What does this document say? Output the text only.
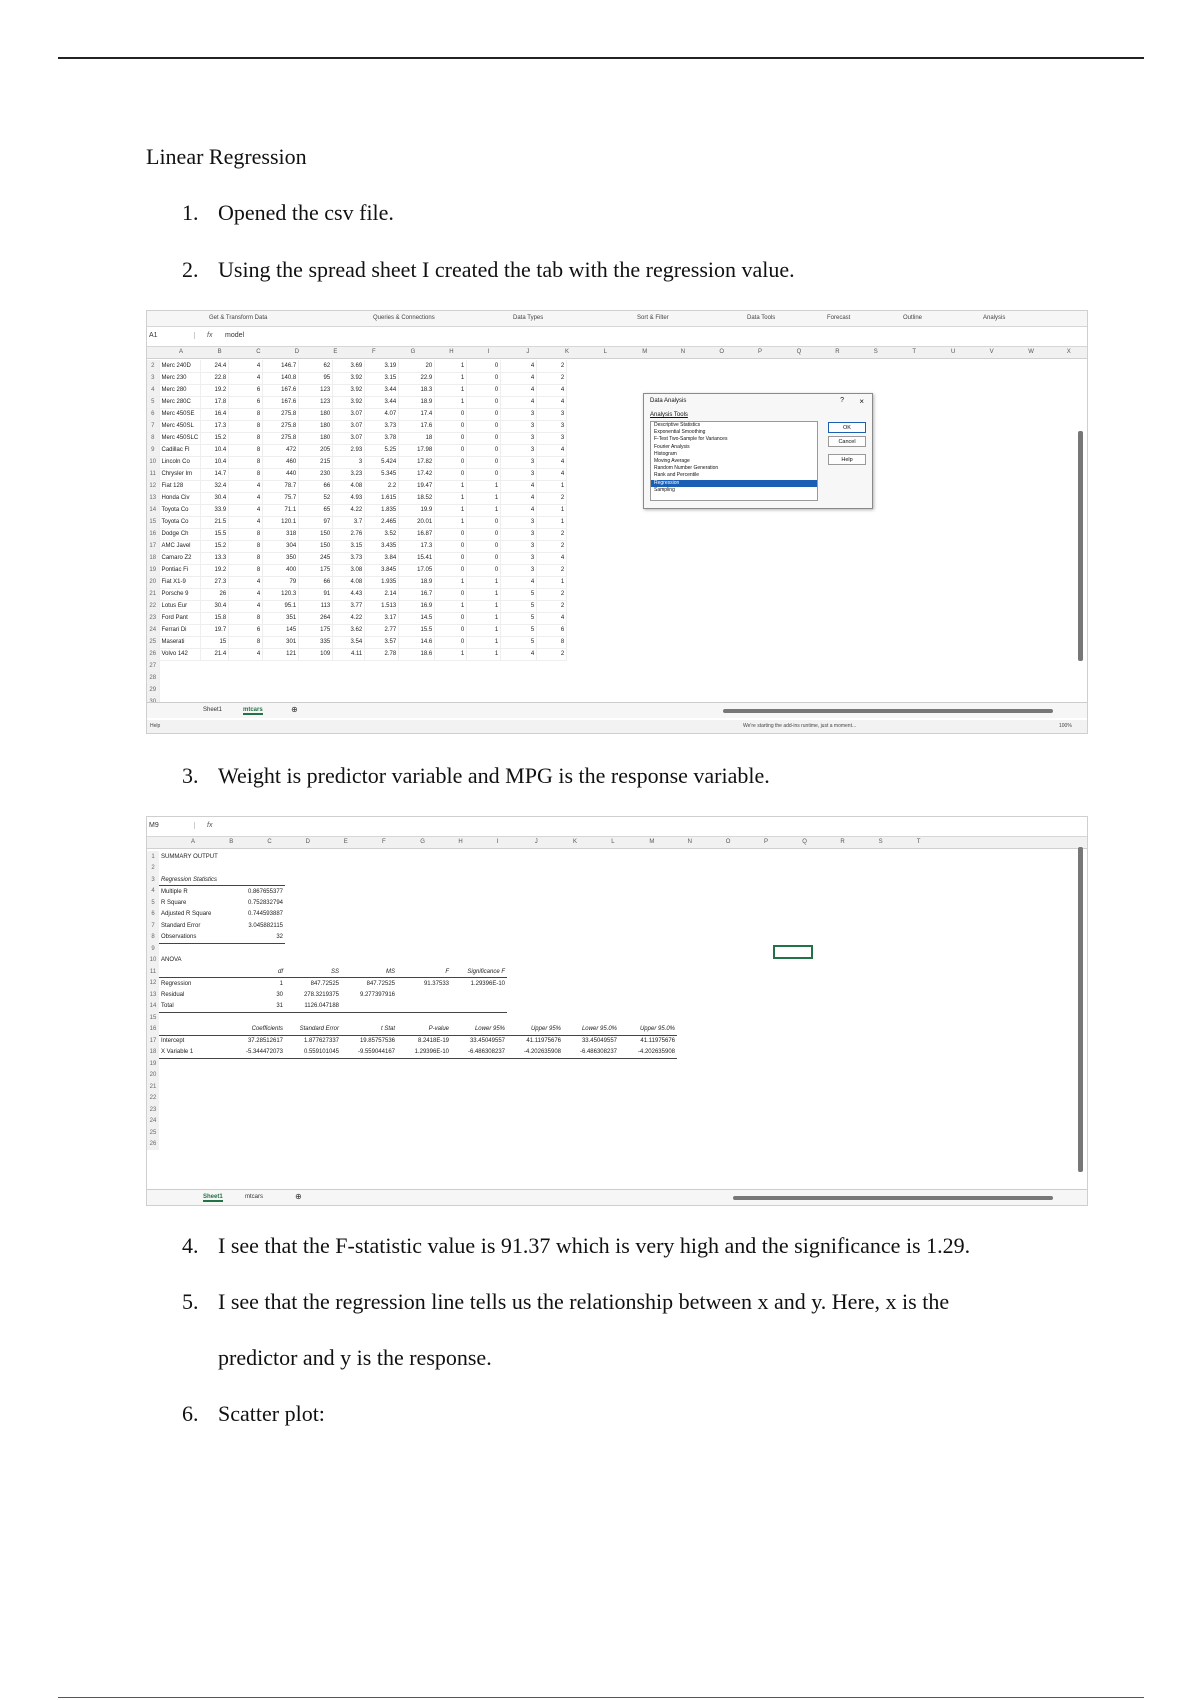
Linear Regression
1. Opened the csv file.
2. Using the spread sheet I created the tab with the regression value.
Get & Transform Data	Queries & Connections	Data Types	Sort & Filter	Data Tools	Forecast	Outline	Analysis
A1	fx model
A	B	C	D	E	F	G	H	I	J	K	L	M	N	O	P	Q	R	S	T	U	V	W	X
2	Merc 240D	24.4	4	146.7	62	3.69	3.19	20	1	0	4	2
3	Merc 230	22.8	4	140.8	95	3.92	3.15	22.9	1	0	4	2
4	Merc 280	19.2	6	167.6	123	3.92	3.44	18.3	1	0	4	4
5	Merc 280C	17.8	6	167.6	123	3.92	3.44	18.9	1	0	4	4
6	Merc 450SE	16.4	8	275.8	180	3.07	4.07	17.4	0	0	3	3
7	Merc 450SL	17.3	8	275.8	180	3.07	3.73	17.6	0	0	3	3
8	Merc 450SLC	15.2	8	275.8	180	3.07	3.78	18	0	0	3	3
9	Cadillac Fl	10.4	8	472	205	2.93	5.25	17.98	0	0	3	4
10	Lincoln Co	10.4	8	460	215	3	5.424	17.82	0	0	3	4
11	Chrysler Im	14.7	8	440	230	3.23	5.345	17.42	0	0	3	4
12	Fiat 128	32.4	4	78.7	66	4.08	2.2	19.47	1	1	4	1
13	Honda Civ	30.4	4	75.7	52	4.93	1.615	18.52	1	1	4	2
14	Toyota Co	33.9	4	71.1	65	4.22	1.835	19.9	1	1	4	1
15	Toyota Co	21.5	4	120.1	97	3.7	2.465	20.01	1	0	3	1
16	Dodge Ch	15.5	8	318	150	2.76	3.52	16.87	0	0	3	2
17	AMC Javel	15.2	8	304	150	3.15	3.435	17.3	0	0	3	2
18	Camaro Z2	13.3	8	350	245	3.73	3.84	15.41	0	0	3	4
19	Pontiac Fi	19.2	8	400	175	3.08	3.845	17.05	0	0	3	2
20	Fiat X1-9	27.3	4	79	66	4.08	1.935	18.9	1	1	4	1
21	Porsche 9	26	4	120.3	91	4.43	2.14	16.7	0	1	5	2
22	Lotus Eur	30.4	4	95.1	113	3.77	1.513	16.9	1	1	5	2
23	Ford Pant	15.8	8	351	264	4.22	3.17	14.5	0	1	5	4
24	Ferrari Di	19.7	6	145	175	3.62	2.77	15.5	0	1	5	6
25	Maserati	15	8	301	335	3.54	3.57	14.6	0	1	5	8
26	Volvo 142	21.4	4	121	109	4.11	2.78	18.6	1	1	4	2
27												
28												
29												

Data Analysis	? ×
Analysis Tools
Descriptive Statistics
Exponential Smoothing
F-Test Two-Sample for Variances
Fourier Analysis
Histogram
Moving Average
Random Number Generation
Rank and Percentile
Regression
Sampling
OK
Cancel
Help
Sheet1	mtcars	⊕
Help	We're starting the add-ins runtime, just a moment...	100%
3. Weight is predictor variable and MPG is the response variable.
M9	fx
A	B	C	D	E	F	G	H	I	J	K	L	M	N	O	P	Q	R	S	T
1	SUMMARY OUTPUT								
2									
3	Regression Statistics								
4	Multiple R	0.867655377							
5	R Square	0.752832794							
6	Adjusted R Square	0.744593887							
7	Standard Error	3.045882115							
8	Observations	32							
9									
10	ANOVA								
11		df	SS	MS	F	Significance F			
12	Regression	1	847.72525	847.72525	91.37533	1.29396E-10			
13	Residual	30	278.3219375	9.277397916					
14	Total	31	1126.047188						
15									
16		Coefficients	Standard Error	t Stat	P-value	Lower 95%	Upper 95%	Lower 95.0%	Upper 95.0%
17	Intercept	37.28512617	1.877627337	19.85757536	8.2418E-19	33.45049557	41.11975676	33.45049557	41.11975676
18	X Variable 1	-5.344472073	0.559101045	-9.559044167	1.29396E-10	-6.486308237	-4.202635908	-6.486308237	-4.202635908
19									
20									
21									
22									
23									
24									
25									
26									
Sheet1	mtcars	⊕
4. I see that the F-statistic value is 91.37 which is very high and the significance is 1.29.
5. I see that the regression line tells us the relationship between x and y. Here, x is the
predictor and y is the response.
6. Scatter plot:
